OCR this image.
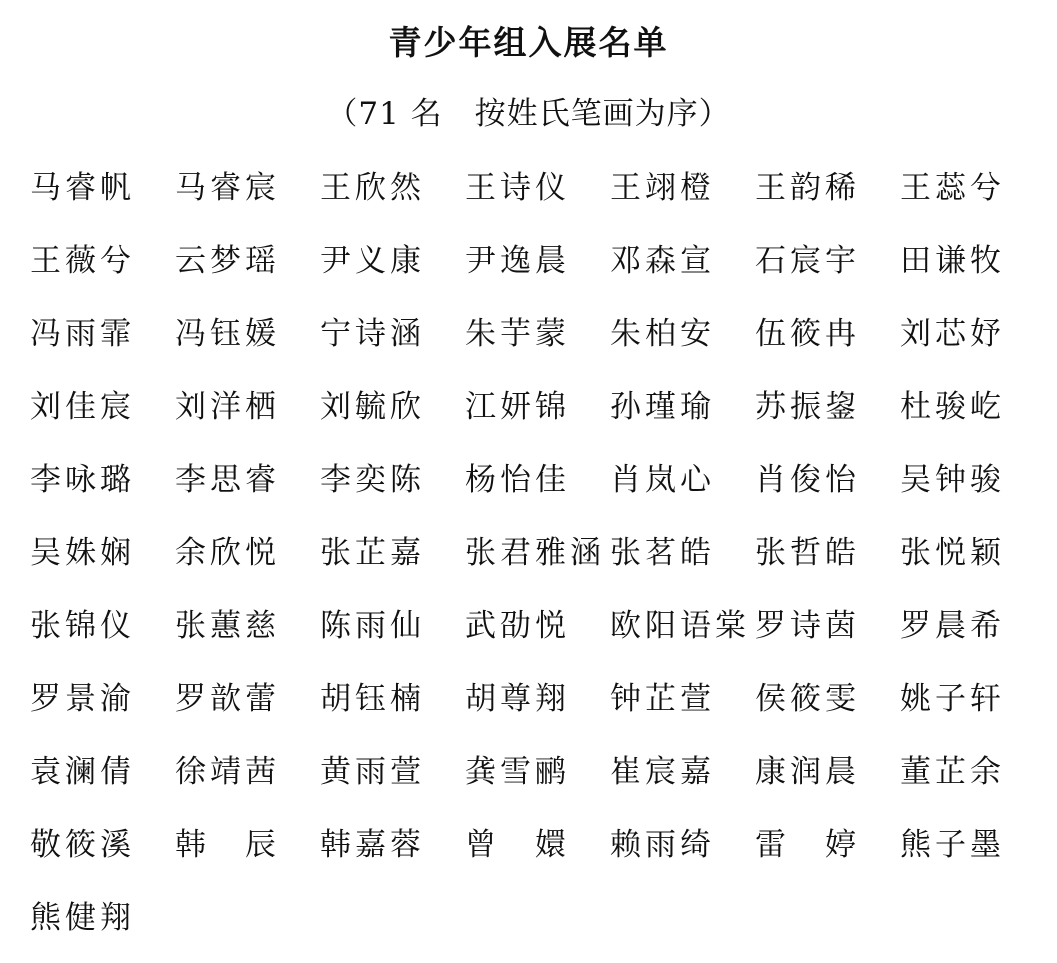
青少年组入展名单
（71 名　按姓氏笔画为序）
马睿帆	马睿宸	王欣然	王诗仪	王翊橙	王韵稀	王蕊兮
王薇兮	云梦瑶	尹义康	尹逸晨	邓森宣	石宸宇	田谦牧
冯雨霏	冯钰媛	宁诗涵	朱芋蒙	朱柏安	伍筱冉	刘芯妤
刘佳宸	刘洋栖	刘毓欣	江妍锦	孙瑾瑜	苏振鋆	杜骏屹
李咏璐	李思睿	李奕陈	杨怡佳	肖岚心	肖俊怡	吴钟骏
吴姝娴	余欣悦	张芷嘉	张君雅涵 张茗皓	张哲皓	张悦颖
张锦仪	张蕙慈	陈雨仙	武劭悦	欧阳语棠 罗诗茵	罗晨希
罗景渝	罗歆蕾	胡钰楠	胡尊翔	钟芷萱	侯筱雯	姚子轩
袁澜倩	徐靖茜	黄雨萱	龚雪鹂	崔宸嘉	康润晨	董芷余
敬筱溪	韩　辰	韩嘉蓉	曾　嬛	赖雨绮	雷　婷	熊子墨
熊健翔
